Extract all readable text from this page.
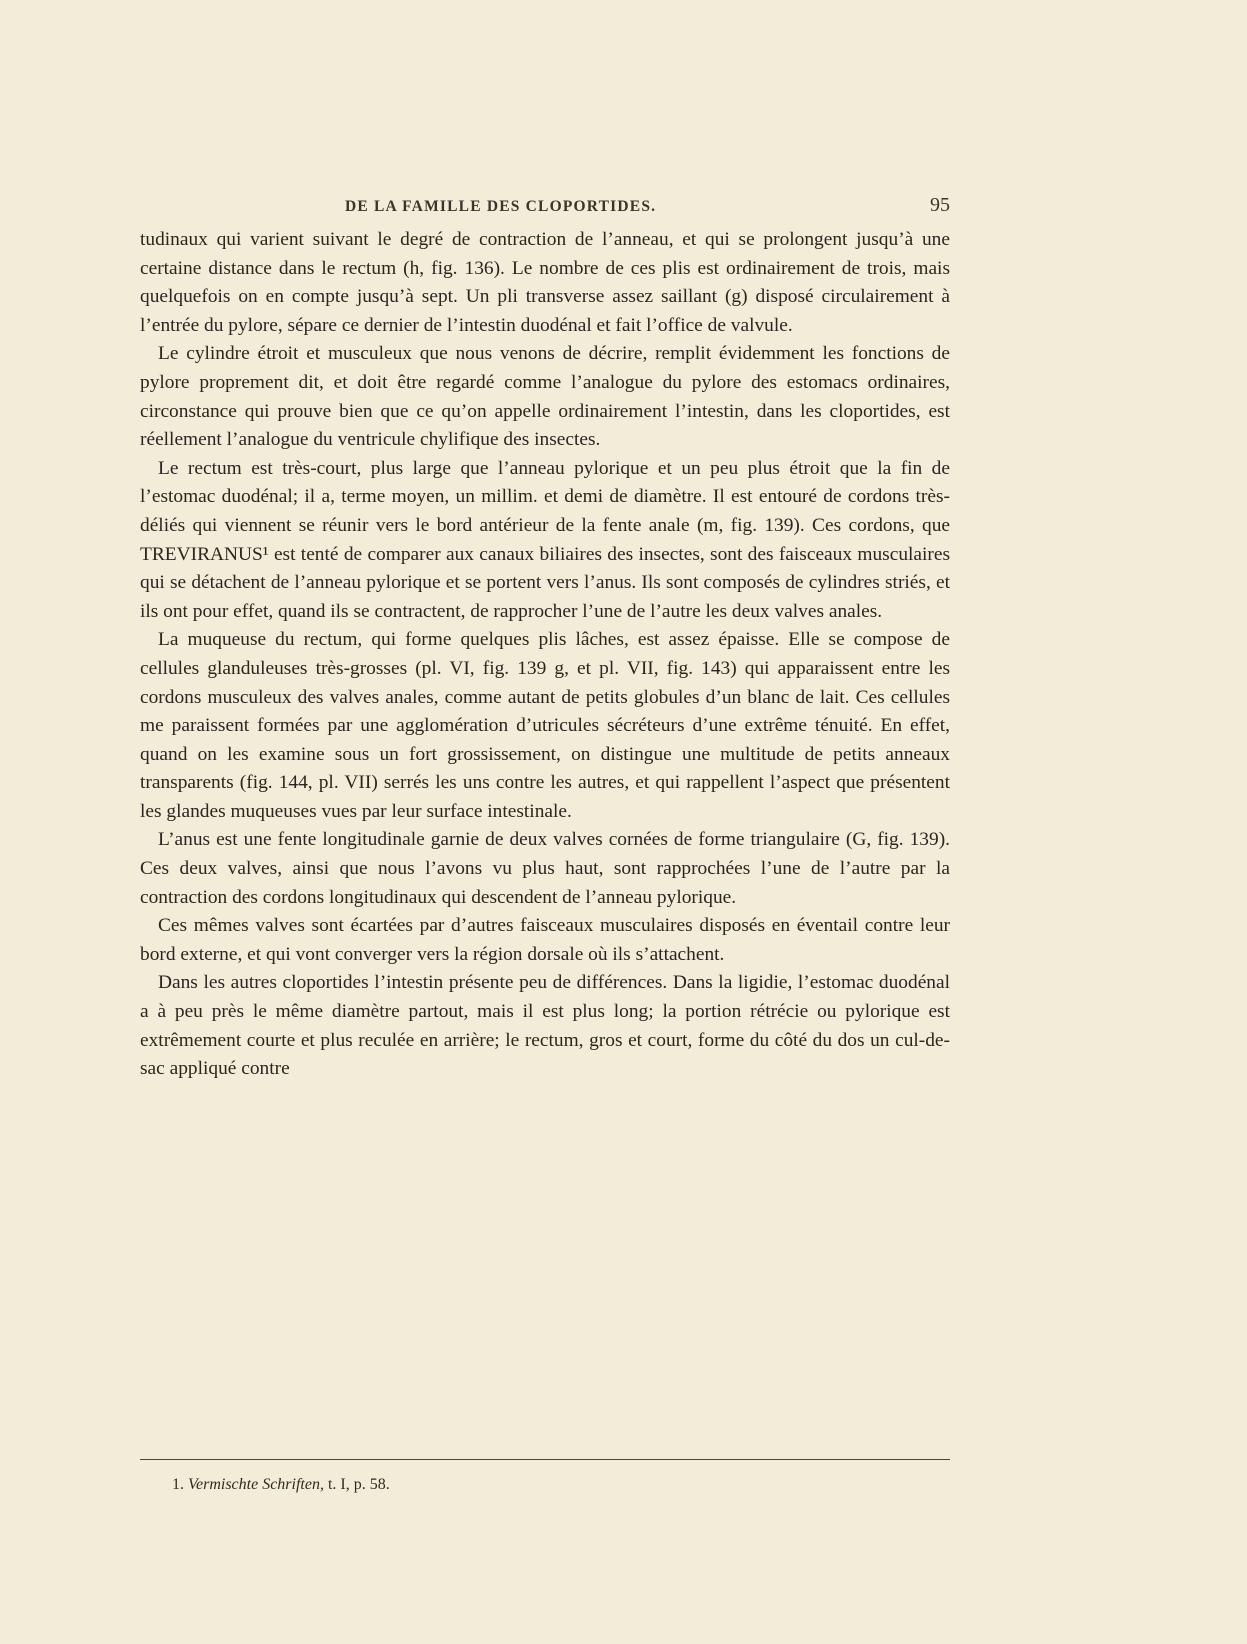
DE LA FAMILLE DES CLOPORTIDES.	95

tudinaux qui varient suivant le degré de contraction de l’anneau, et qui se prolongent jusqu’à une certaine distance dans le rectum (h, fig. 136). Le nombre de ces plis est ordinairement de trois, mais quelquefois on en compte jusqu’à sept. Un pli transverse assez saillant (g) disposé circulairement à l’entrée du pylore, sépare ce dernier de l’intestin duodénal et fait l’office de valvule.

Le cylindre étroit et musculeux que nous venons de décrire, remplit évidemment les fonctions de pylore proprement dit, et doit être regardé comme l’analogue du pylore des estomacs ordinaires, circonstance qui prouve bien que ce qu’on appelle ordinairement l’intestin, dans les cloportides, est réellement l’analogue du ventricule chylifique des insectes.

Le rectum est très-court, plus large que l’anneau pylorique et un peu plus étroit que la fin de l’estomac duodénal; il a, terme moyen, un millim. et demi de diamètre. Il est entouré de cordons très-déliés qui viennent se réunir vers le bord antérieur de la fente anale (m, fig. 139). Ces cordons, que TREVIRANUS¹ est tenté de comparer aux canaux biliaires des insectes, sont des faisceaux musculaires qui se détachent de l’anneau pylorique et se portent vers l’anus. Ils sont composés de cylindres striés, et ils ont pour effet, quand ils se contractent, de rapprocher l’une de l’autre les deux valves anales.

La muqueuse du rectum, qui forme quelques plis lâches, est assez épaisse. Elle se compose de cellules glanduleuses très-grosses (pl. VI, fig. 139 g, et pl. VII, fig. 143) qui apparaissent entre les cordons musculeux des valves anales, comme autant de petits globules d’un blanc de lait. Ces cellules me paraissent formées par une agglomération d’utricules sécréteurs d’une extrême ténuité. En effet, quand on les examine sous un fort grossissement, on distingue une multitude de petits anneaux transparents (fig. 144, pl. VII) serrés les uns contre les autres, et qui rappellent l’aspect que présentent les glandes muqueuses vues par leur surface intestinale.

L’anus est une fente longitudinale garnie de deux valves cornées de forme triangulaire (G, fig. 139). Ces deux valves, ainsi que nous l’avons vu plus haut, sont rapprochées l’une de l’autre par la contraction des cordons longitudinaux qui descendent de l’anneau pylorique.

Ces mêmes valves sont écartées par d’autres faisceaux musculaires disposés en éventail contre leur bord externe, et qui vont converger vers la région dorsale où ils s’attachent.

Dans les autres cloportides l’intestin présente peu de différences. Dans la ligidie, l’estomac duodénal a à peu près le même diamètre partout, mais il est plus long; la portion rétrécie ou pylorique est extrêmement courte et plus reculée en arrière; le rectum, gros et court, forme du côté du dos un cul-de-sac appliqué contre

1. Vermischte Schriften, t. I, p. 58.
